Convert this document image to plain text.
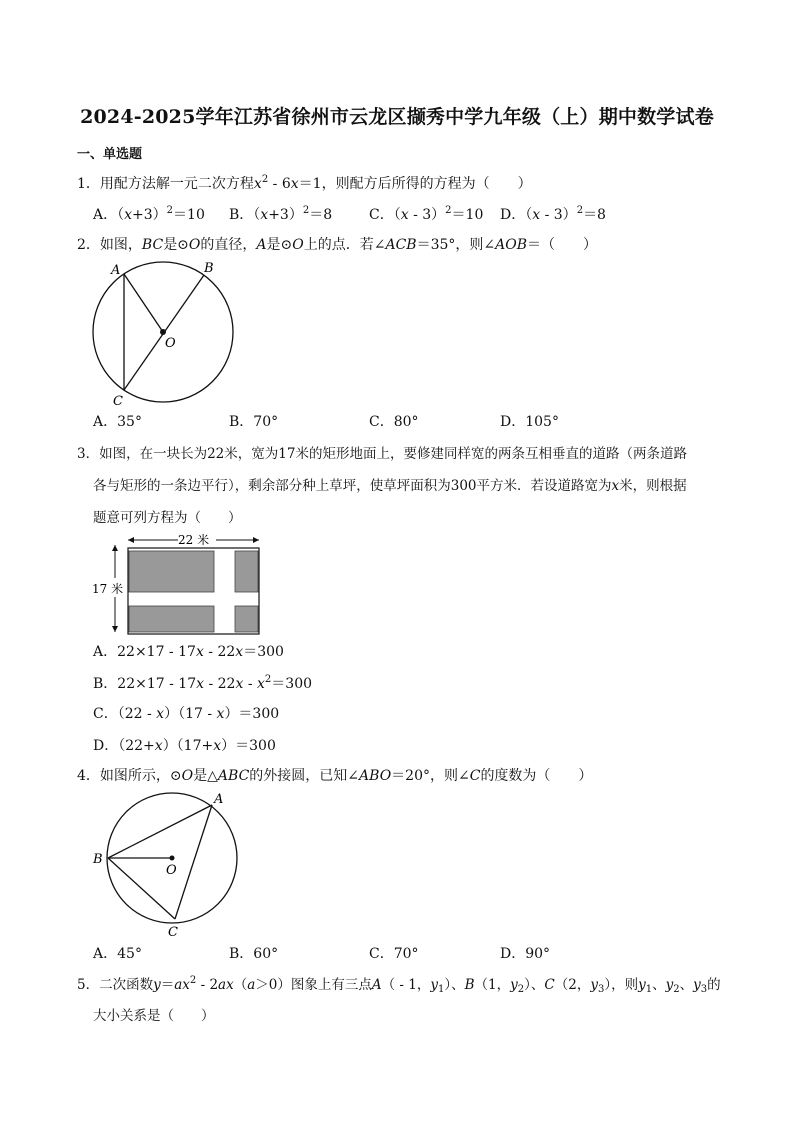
2024-2025学年江苏省徐州市云龙区撷秀中学九年级（上）期中数学试卷
一、单选题
1．用配方法解一元二次方程$x^2 - 6x=1$，则配方后所得的方程为（　　）
A．$(x+3)^2=10$ B．$(x+3)^2=8$	C．（x - 3）$^2$＝10 D．（x - 3）$^2$＝8
2．如图，BC是⊙O的直径，A是⊙O上的点．若∠ACB＝35°，则∠AOB＝（　　）
A	B
C
O
A．35°	B．70°	C．80°	D．105°
3．如图，在一块长为22米，宽为17米的矩形地面上，要修建同样宽的两条互相垂直的道路（两条道路
各与矩形的一条边平行），剩余部分种上草坪，使草坪面积为300平方米．若设道路宽为x米，则根据
题意可列方程为（　　）
22 米
17 米
A．22×17 - 17x - 22x＝300
B．$22\times 17 - 17x - 22x - x^2=300$
C．（22 - x）（17 - x）＝300
D．（22+x）（17+x）＝300
4．如图所示，⊙O是△ABC的外接圆，已知∠ABO＝20°，则∠C的度数为（　　）
A
B
C
O
A．45°	B．60°	C．70°	D．90°
5．二次函数$y=ax^2 - 2ax(a>0)$图象上有三点A（ - 1，$y_1$）、B（1，$y_2$）、C（2，$y_3$），则$y_1$、$y_2$、$y_3$的
大小关系是（　　）
